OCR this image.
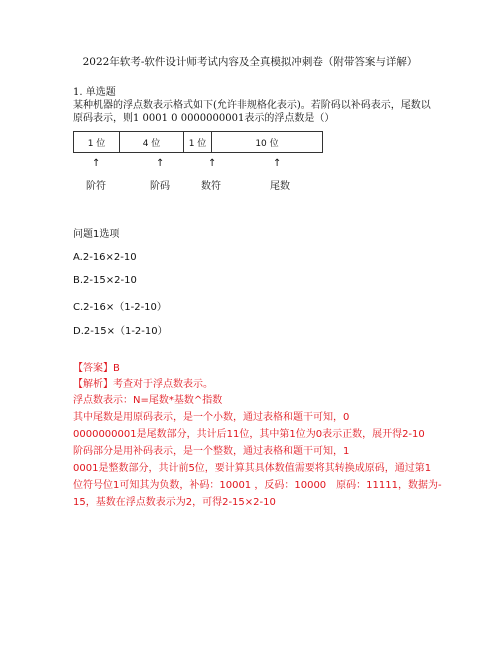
2022年软考-软件设计师考试内容及全真模拟冲刺卷（附带答案与详解）
1. 单选题
某种机器的浮点数表示格式如下(允许非规格化表示)。若阶码以补码表示，尾数以
原码表示，则1 0001 0 0000000001表示的浮点数是（）
1 位	4 位	1 位	10 位
↑	↑	↑	↑
阶符	阶码	数符	尾数
问题1选项
A.2-16×2-10
B.2-15×2-10
C.2-16×（1-2-10）
D.2-15×（1-2-10）
【答案】B
【解析】考查对于浮点数表示。
浮点数表示：N=尾数*基数^指数
其中尾数是用原码表示，是一个小数，通过表格和题干可知，0
0000000001是尾数部分，共计后11位，其中第1位为0表示正数，展开得2-10
阶码部分是用补码表示，是一个整数，通过表格和题干可知，1
0001是整数部分，共计前5位，要计算其具体数值需要将其转换成原码，通过第1
位符号位1可知其为负数，补码：10001 ，反码：10000　原码：11111，数据为-
15，基数在浮点数表示为2，可得2-15×2-10
